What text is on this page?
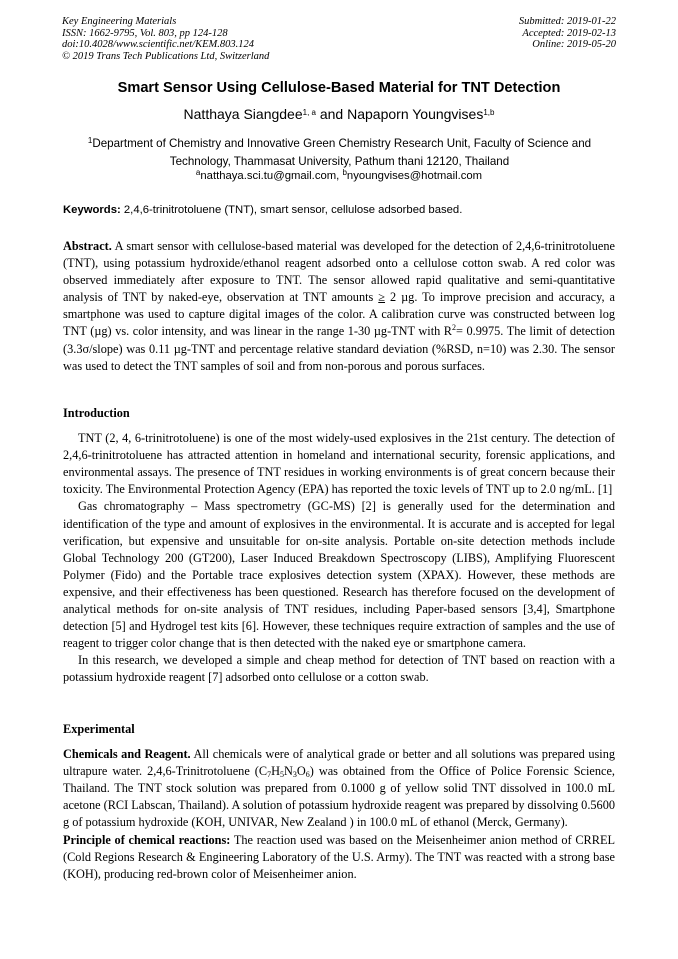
Key Engineering Materials
ISSN: 1662-9795, Vol. 803, pp 124-128
doi:10.4028/www.scientific.net/KEM.803.124
© 2019 Trans Tech Publications Ltd, Switzerland
Submitted: 2019-01-22
Accepted: 2019-02-13
Online: 2019-05-20
Smart Sensor Using Cellulose-Based Material for TNT Detection
Natthaya Siangdee$^{1, a}$ and Napaporn Youngvises$^{1,b}$
$^1$Department of Chemistry and Innovative Green Chemistry Research Unit, Faculty of Science and Technology, Thammasat University, Pathum thani 12120, Thailand
$^a$natthaya.sci.tu@gmail.com, $^b$nyoungvises@hotmail.com
Keywords: 2,4,6-trinitrotoluene (TNT), smart sensor, cellulose adsorbed based.

Abstract. A smart sensor with cellulose-based material was developed for the detection of 2,4,6-trinitrotoluene (TNT), using potassium hydroxide/ethanol reagent adsorbed onto a cellulose cotton swab. A red color was observed immediately after exposure to TNT. The sensor allowed rapid qualitative and semi-quantitative analysis of TNT by naked-eye, observation at TNT amounts ≥ 2 µg. To improve precision and accuracy, a smartphone was used to capture digital images of the color. A calibration curve was constructed between log TNT (µg) vs. color intensity, and was linear in the range 1-30 µg-TNT with $R^2= 0.9975$. The limit of detection (3.3σ/slope) was 0.11 µg-TNT and percentage relative standard deviation (%RSD, n=10) was 2.30. The sensor was used to detect the TNT samples of soil and from non-porous and porous surfaces.

Introduction

TNT (2, 4, 6-trinitrotoluene) is one of the most widely-used explosives in the 21st century. The detection of 2,4,6-trinitrotoluene has attracted attention in homeland and international security, forensic applications, and environmental assays. The presence of TNT residues in working environments is of great concern because their toxicity. The Environmental Protection Agency (EPA) has reported the toxic levels of TNT up to 2.0 ng/mL. [1]

Gas chromatography – Mass spectrometry (GC-MS) [2] is generally used for the determination and identification of the type and amount of explosives in the environmental. It is accurate and is accepted for legal verification, but expensive and unsuitable for on-site analysis. Portable on-site detection methods include Global Technology 200 (GT200), Laser Induced Breakdown Spectroscopy (LIBS), Amplifying Fluorescent Polymer (Fido) and the Portable trace explosives detection system (XPAX). However, these methods are expensive, and their effectiveness has been questioned. Research has therefore focused on the development of analytical methods for on-site analysis of TNT residues, including Paper-based sensors [3,4], Smartphone detection [5] and Hydrogel test kits [6]. However, these techniques require extraction of samples and the use of reagent to trigger color change that is then detected with the naked eye or smartphone camera.

In this research, we developed a simple and cheap method for detection of TNT based on reaction with a potassium hydroxide reagent [7] adsorbed onto cellulose or a cotton swab.

Experimental

Chemicals and Reagent. All chemicals were of analytical grade or better and all solutions was prepared using ultrapure water. 2,4,6-Trinitrotoluene $(C_7H_5N_3O_6)$ was obtained from the Office of Police Forensic Science, Thailand. The TNT stock solution was prepared from 0.1000 g of yellow solid TNT dissolved in 100.0 mL acetone (RCI Labscan, Thailand). A solution of potassium hydroxide reagent was prepared by dissolving 0.5600 g of potassium hydroxide (KOH, UNIVAR, New Zealand ) in 100.0 mL of ethanol (Merck, Germany).

Principle of chemical reactions: The reaction used was based on the Meisenheimer anion method of CRREL (Cold Regions Research & Engineering Laboratory of the U.S. Army). The TNT was reacted with a strong base (KOH), producing red-brown color of Meisenheimer anion.
